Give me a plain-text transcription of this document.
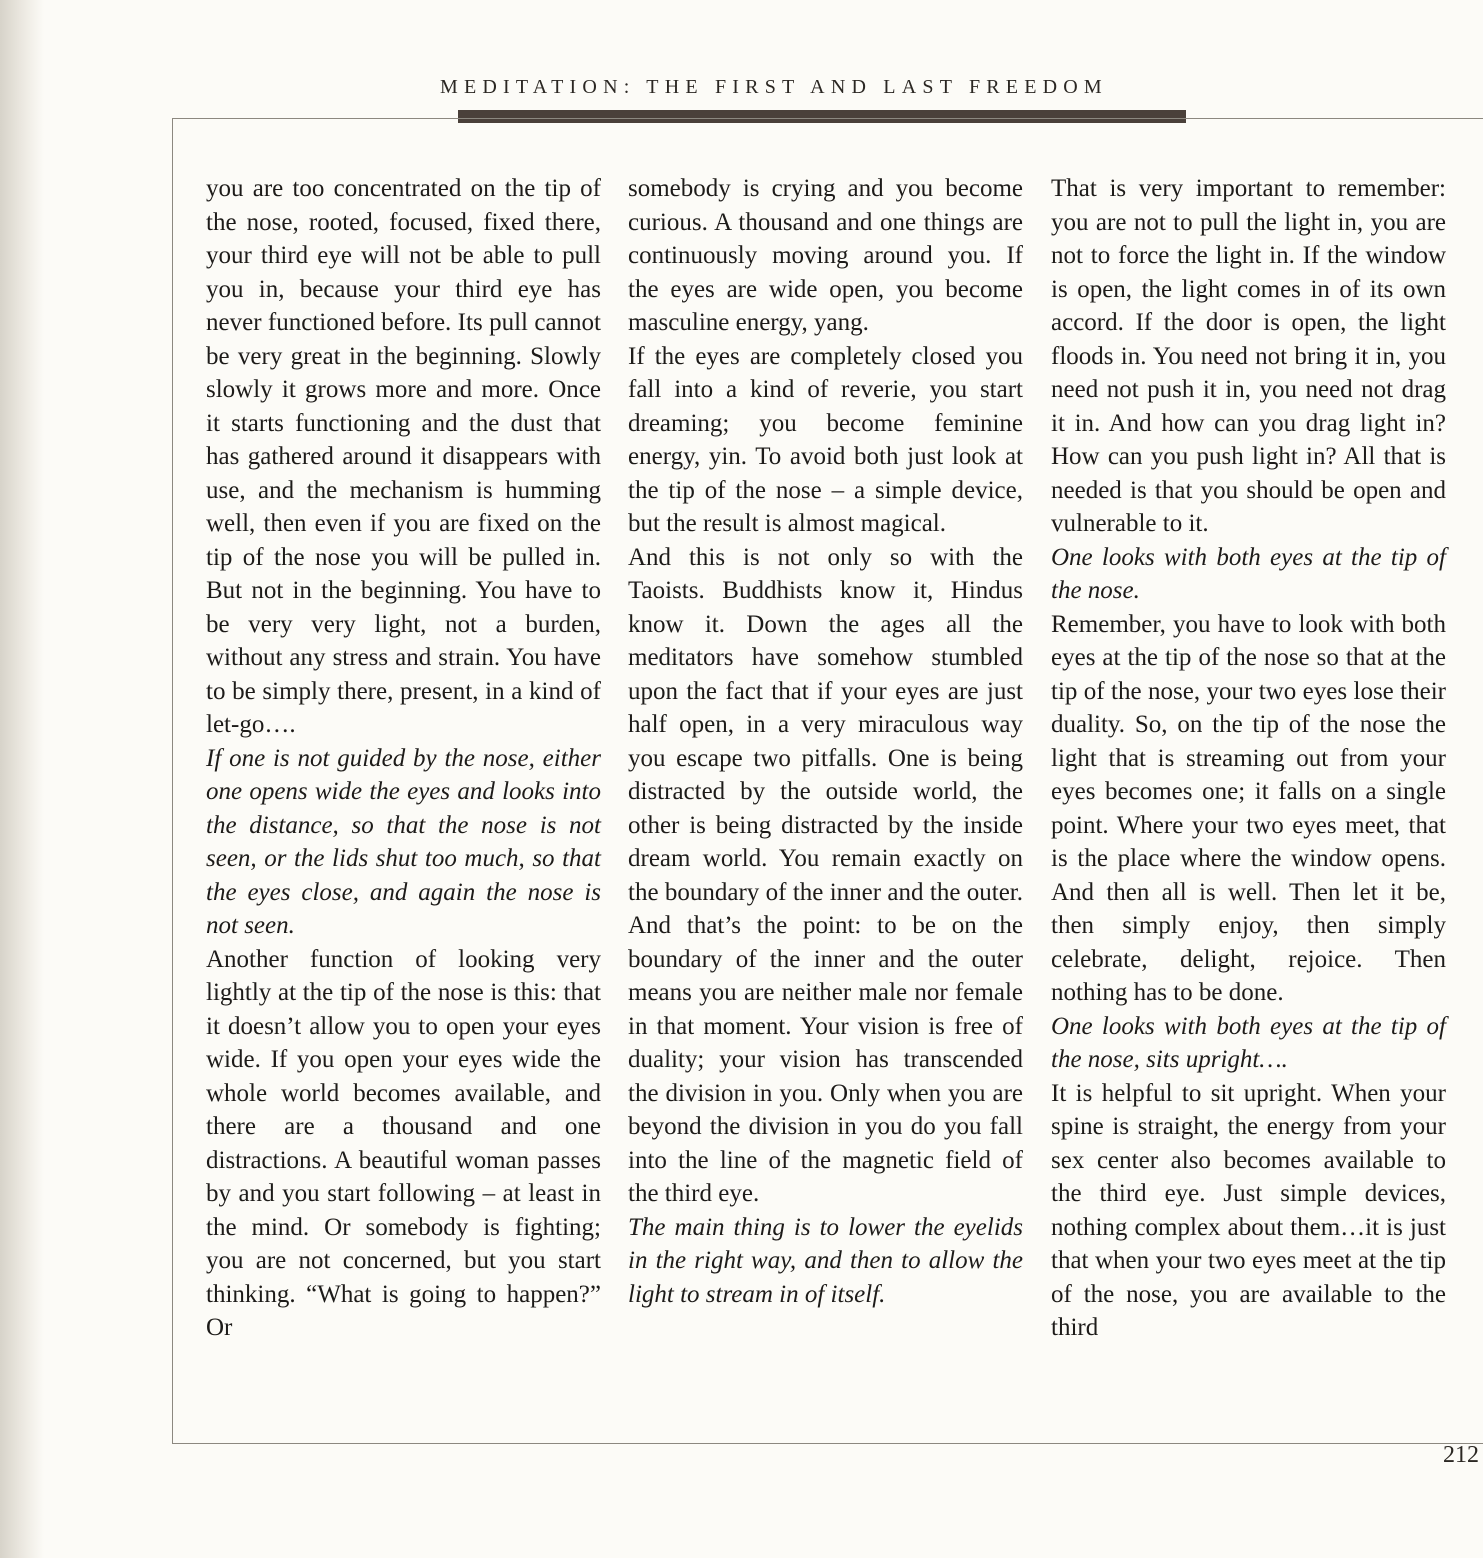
MEDITATION: THE FIRST AND LAST FREEDOM

you are too concentrated on the tip of the nose, rooted, focused, fixed there, your third eye will not be able to pull you in, because your third eye has never functioned before. Its pull cannot be very great in the beginning. Slowly slowly it grows more and more. Once it starts functioning and the dust that has gathered around it disappears with use, and the mechanism is humming well, then even if you are fixed on the tip of the nose you will be pulled in. But not in the beginning. You have to be very very light, not a burden, without any stress and strain. You have to be simply there, present, in a kind of let-go….

If one is not guided by the nose, either one opens wide the eyes and looks into the distance, so that the nose is not seen, or the lids shut too much, so that the eyes close, and again the nose is not seen.

Another function of looking very lightly at the tip of the nose is this: that it doesn’t allow you to open your eyes wide. If you open your eyes wide the whole world becomes available, and there are a thousand and one distractions. A beautiful woman passes by and you start following – at least in the mind. Or somebody is fighting; you are not concerned, but you start thinking. “What is going to happen?” Or

somebody is crying and you become curious. A thousand and one things are continuously moving around you. If the eyes are wide open, you become masculine energy, yang.

If the eyes are completely closed you fall into a kind of reverie, you start dreaming; you become feminine energy, yin. To avoid both just look at the tip of the nose – a simple device, but the result is almost magical.

And this is not only so with the Taoists. Buddhists know it, Hindus know it. Down the ages all the meditators have somehow stumbled upon the fact that if your eyes are just half open, in a very miraculous way you escape two pitfalls. One is being distracted by the outside world, the other is being distracted by the inside dream world. You remain exactly on the boundary of the inner and the outer. And that’s the point: to be on the boundary of the inner and the outer means you are neither male nor female in that moment. Your vision is free of duality; your vision has transcended the division in you. Only when you are beyond the division in you do you fall into the line of the magnetic field of the third eye.

The main thing is to lower the eyelids in the right way, and then to allow the light to stream in of itself.

That is very important to remember: you are not to pull the light in, you are not to force the light in. If the window is open, the light comes in of its own accord. If the door is open, the light floods in. You need not bring it in, you need not push it in, you need not drag it in. And how can you drag light in? How can you push light in? All that is needed is that you should be open and vulnerable to it.

One looks with both eyes at the tip of the nose.

Remember, you have to look with both eyes at the tip of the nose so that at the tip of the nose, your two eyes lose their duality. So, on the tip of the nose the light that is streaming out from your eyes becomes one; it falls on a single point. Where your two eyes meet, that is the place where the window opens. And then all is well. Then let it be, then simply enjoy, then simply celebrate, delight, rejoice. Then nothing has to be done.

One looks with both eyes at the tip of the nose, sits upright….

It is helpful to sit upright. When your spine is straight, the energy from your sex center also becomes available to the third eye. Just simple devices, nothing complex about them…it is just that when your two eyes meet at the tip of the nose, you are available to the third

212
